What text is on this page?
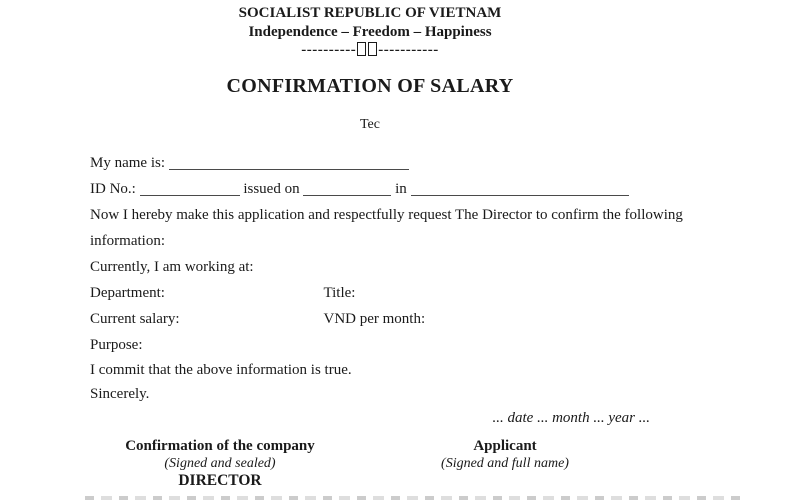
SOCIALIST REPUBLIC OF VIETNAM
Independence – Freedom – Happiness
---------- -----------
CONFIRMATION OF SALARY
Tec
My name is:
ID No.:	issued on	in
Now I hereby make this application and respectfully request The Director to confirm the following
information:
Currently, I am working at:
Department:	Title:
Current salary:	VND per month:
Purpose:
I commit that the above information is true.
Sincerely.
... date ... month ... year ...
Confirmation of the company
(Signed and sealed)
DIRECTOR
Applicant
(Signed and full name)
